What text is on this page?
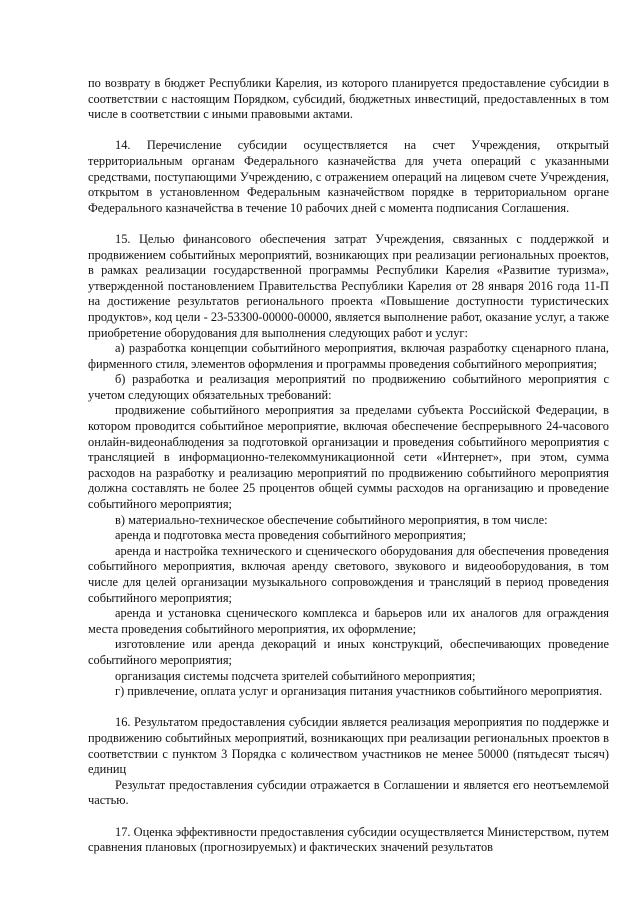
по возврату в бюджет Республики Карелия, из которого планируется предоставление субсидии в соответствии с настоящим Порядком, субсидий, бюджетных инвестиций, предоставленных в том числе в соответствии с иными правовыми актами.

14. Перечисление субсидии осуществляется на счет Учреждения, открытый территориальным органам Федерального казначейства для учета операций с указанными средствами, поступающими Учреждению, с отражением операций на лицевом счете Учреждения, открытом в установленном Федеральным казначейством порядке в территориальном органе Федерального казначейства в течение 10 рабочих дней с момента подписания Соглашения.

15. Целью финансового обеспечения затрат Учреждения, связанных с поддержкой и продвижением событийных мероприятий, возникающих при реализации региональных проектов, в рамках реализации государственной программы Республики Карелия «Развитие туризма», утвержденной постановлением Правительства Республики Карелия от 28 января 2016 года 11-П на достижение результатов регионального проекта «Повышение доступности туристических продуктов», код цели - 23-53300-00000-00000, является выполнение работ, оказание услуг, а также приобретение оборудования для выполнения следующих работ и услуг:

а) разработка концепции событийного мероприятия, включая разработку сценарного плана, фирменного стиля, элементов оформления и программы проведения событийного мероприятия;

б) разработка и реализация мероприятий по продвижению событийного мероприятия с учетом следующих обязательных требований:

продвижение событийного мероприятия за пределами субъекта Российской Федерации, в котором проводится событийное мероприятие, включая обеспечение беспрерывного 24-часового онлайн-видеонаблюдения за подготовкой организации и проведения событийного мероприятия с трансляцией в информационно-телекоммуникационной сети «Интернет», при этом, сумма расходов на разработку и реализацию мероприятий по продвижению событийного мероприятия должна составлять не более 25 процентов общей суммы расходов на организацию и проведение событийного мероприятия;

в) материально-техническое обеспечение событийного мероприятия, в том числе:

аренда и подготовка места проведения событийного мероприятия;

аренда и настройка технического и сценического оборудования для обеспечения проведения событийного мероприятия, включая аренду светового, звукового и видеооборудования, в том числе для целей организации музыкального сопровождения и трансляций в период проведения событийного мероприятия;

аренда и установка сценического комплекса и барьеров или их аналогов для ограждения места проведения событийного мероприятия, их оформление;

изготовление или аренда декораций и иных конструкций, обеспечивающих проведение событийного мероприятия;

организация системы подсчета зрителей событийного мероприятия;

г) привлечение, оплата услуг и организация питания участников событийного мероприятия.

16. Результатом предоставления субсидии является реализация мероприятия по поддержке и продвижению событийных мероприятий, возникающих при реализации региональных проектов в соответствии с пунктом 3 Порядка с количеством участников не менее 50000 (пятьдесят тысяч) единиц

Результат предоставления субсидии отражается в Соглашении и является его неотъемлемой частью.

17. Оценка эффективности предоставления субсидии осуществляется Министерством, путем сравнения плановых (прогнозируемых) и фактических значений результатов
